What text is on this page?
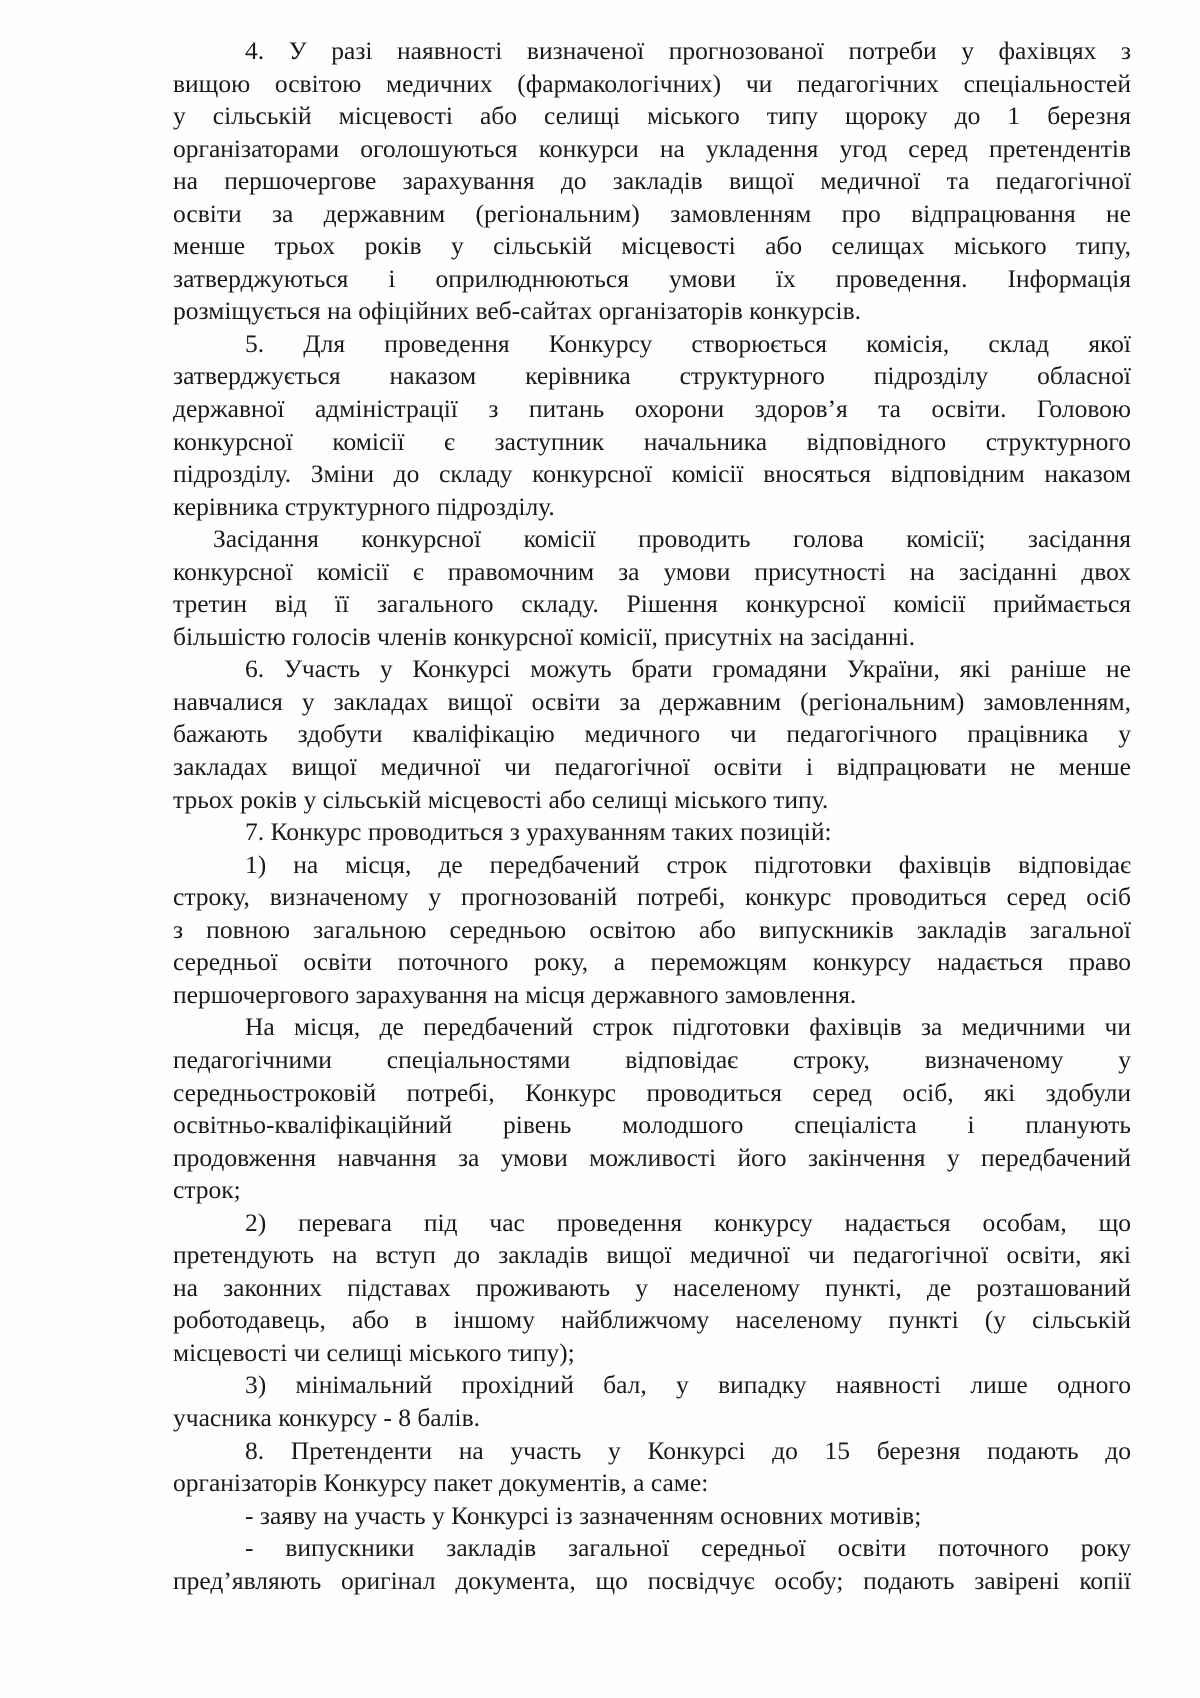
4. У разі наявності визначеної прогнозованої потреби у фахівцях з
вищою освітою медичних (фармакологічних) чи педагогічних спеціальностей
у сільській місцевості або селищі міського типу щороку до 1 березня
організаторами оголошуються конкурси на укладення угод серед претендентів
на першочергове зарахування до закладів вищої медичної та педагогічної
освіти за державним (регіональним) замовленням про відпрацювання не
менше трьох років у сільській місцевості або селищах міського типу,
затверджуються і оприлюднюються умови їх проведення. Інформація
розміщується на офіційних веб-сайтах організаторів конкурсів.
5. Для проведення Конкурсу створюється комісія, склад якої
затверджується наказом керівника структурного підрозділу обласної
державної адміністрації з питань охорони здоров’я та освіти. Головою
конкурсної комісії є заступник начальника відповідного структурного
підрозділу. Зміни до складу конкурсної комісії вносяться відповідним наказом
керівника структурного підрозділу.
Засідання конкурсної комісії проводить голова комісії; засідання
конкурсної комісії є правомочним за умови присутності на засіданні двох
третин від її загального складу. Рішення конкурсної комісії приймається
більшістю голосів членів конкурсної комісії, присутніх на засіданні.
6. Участь у Конкурсі можуть брати громадяни України, які раніше не
навчалися у закладах вищої освіти за державним (регіональним) замовленням,
бажають здобути кваліфікацію медичного чи педагогічного працівника у
закладах вищої медичної чи педагогічної освіти і відпрацювати не менше
трьох років у сільській місцевості або селищі міського типу.
7. Конкурс проводиться з урахуванням таких позицій:
1) на місця, де передбачений строк підготовки фахівців відповідає
строку, визначеному у прогнозованій потребі, конкурс проводиться серед осіб
з повною загальною середньою освітою або випускників закладів загальної
середньої освіти поточного року, а переможцям конкурсу надається право
першочергового зарахування на місця державного замовлення.
На місця, де передбачений строк підготовки фахівців за медичними чи
педагогічними спеціальностями відповідає строку, визначеному у
середньостроковій потребі, Конкурс проводиться серед осіб, які здобули
освітньо-кваліфікаційний рівень молодшого спеціаліста і планують
продовження навчання за умови можливості його закінчення у передбачений
строк;
2) перевага під час проведення конкурсу надається особам, що
претендують на вступ до закладів вищої медичної чи педагогічної освіти, які
на законних підставах проживають у населеному пункті, де розташований
роботодавець, або в іншому найближчому населеному пункті (у сільській
місцевості чи селищі міського типу);
3) мінімальний прохідний бал, у випадку наявності лише одного
учасника конкурсу - 8 балів.
8. Претенденти на участь у Конкурсі до 15 березня подають до
організаторів Конкурсу пакет документів, а саме:
- заяву на участь у Конкурсі із зазначенням основних мотивів;
- випускники закладів загальної середньої освіти поточного року
пред’являють оригінал документа, що посвідчує особу; подають завірені копії
